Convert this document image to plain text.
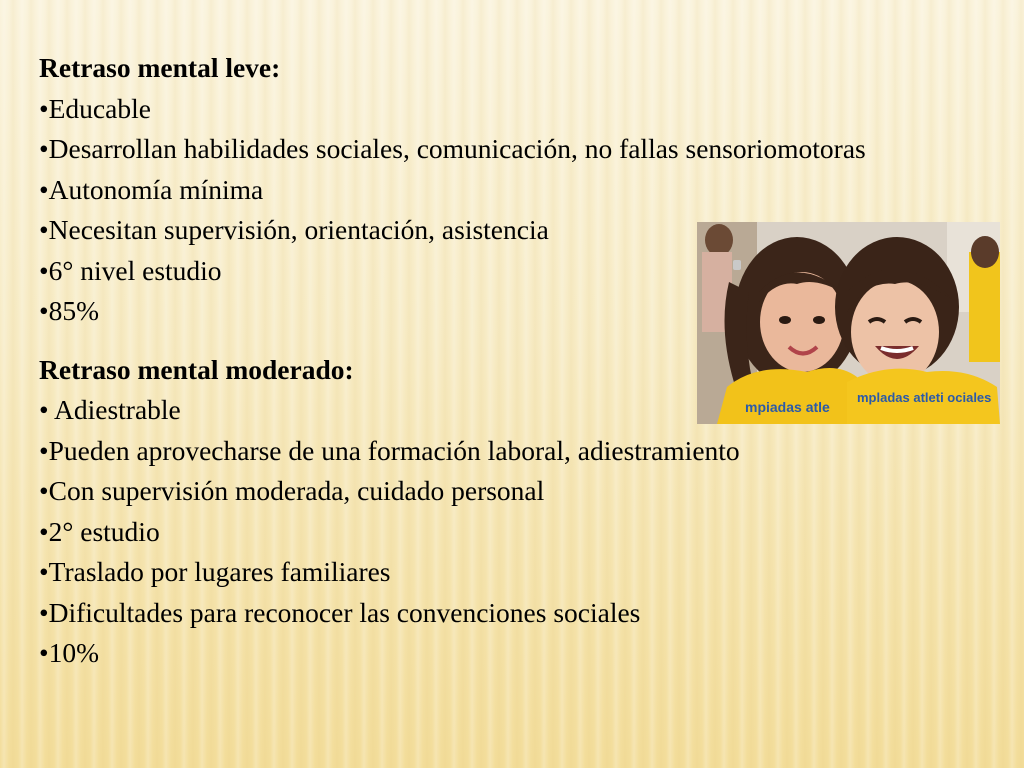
Retraso mental leve:
•Educable
•Desarrollan habilidades sociales, comunicación, no fallas sensoriomotoras
•Autonomía mínima
•Necesitan supervisión, orientación, asistencia
•6° nivel estudio
•85%
Retraso mental moderado:
• Adiestrable
•Pueden aprovecharse de una formación laboral, adiestramiento
•Con supervisión moderada, cuidado personal
•2° estudio
•Traslado por lugares familiares
•Dificultades para reconocer las convenciones sociales
•10%
mpiadas atle
mpladas atleti ociales
